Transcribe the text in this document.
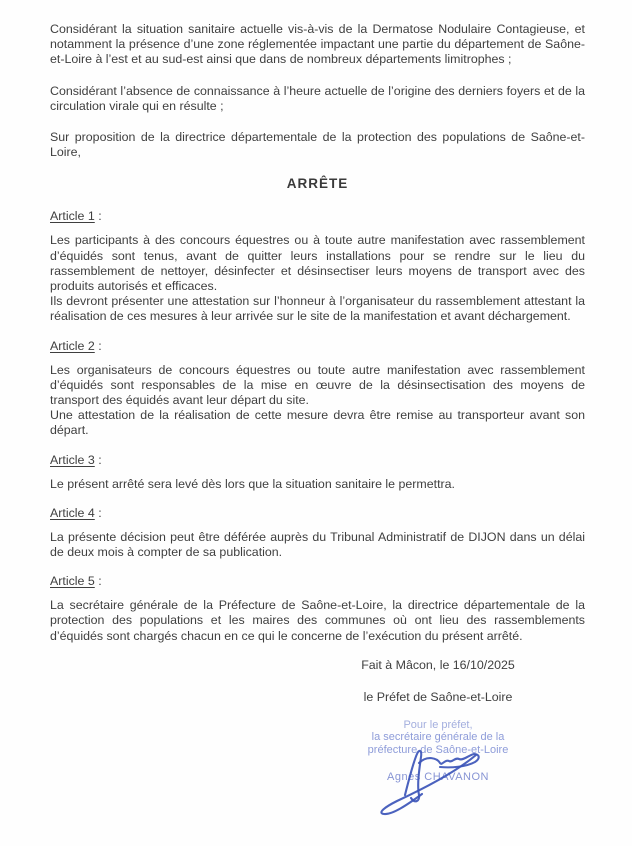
Considérant la situation sanitaire actuelle vis-à-vis de la Dermatose Nodulaire Contagieuse, et notamment la présence d’une zone réglementée impactant une partie du département de Saône-et-Loire à l’est et au sud-est ainsi que dans de nombreux départements limitrophes ;

Considérant l’absence de connaissance à l’heure actuelle de l’origine des derniers foyers et de la circulation virale qui en résulte ;

Sur proposition de la directrice départementale de la protection des populations de Saône-et-Loire,

ARRÊTE

Article 1 :

Les participants à des concours équestres ou à toute autre manifestation avec rassemblement d’équidés sont tenus, avant de quitter leurs installations pour se rendre sur le lieu du rassemblement de nettoyer, désinfecter et désinsectiser leurs moyens de transport avec des produits autorisés et efficaces.

Ils devront présenter une attestation sur l’honneur à l’organisateur du rassemblement attestant la réalisation de ces mesures à leur arrivée sur le site de la manifestation et avant déchargement.

Article 2 :

Les organisateurs de concours équestres ou toute autre manifestation avec rassemblement d’équidés sont responsables de la mise en œuvre de la désinsectisation des moyens de transport des équidés avant leur départ du site.

Une attestation de la réalisation de cette mesure devra être remise au transporteur avant son départ.

Article 3 :

Le présent arrêté sera levé dès lors que la situation sanitaire le permettra.

Article 4 :

La présente décision peut être déférée auprès du Tribunal Administratif de DIJON dans un délai de deux mois à compter de sa publication.

Article 5 :

La secrétaire générale de la Préfecture de Saône-et-Loire, la directrice départementale de la protection des populations et les maires des communes où ont lieu des rassemblements d’équidés sont chargés chacun en ce qui le concerne de l’exécution du présent arrêté.

Fait à Mâcon, le 16/10/2025

le Préfet de Saône-et-Loire

Pour le préfet,

la secrétaire générale de la

préfecture de Saône-et-Loire

Agnès CHAVANON
